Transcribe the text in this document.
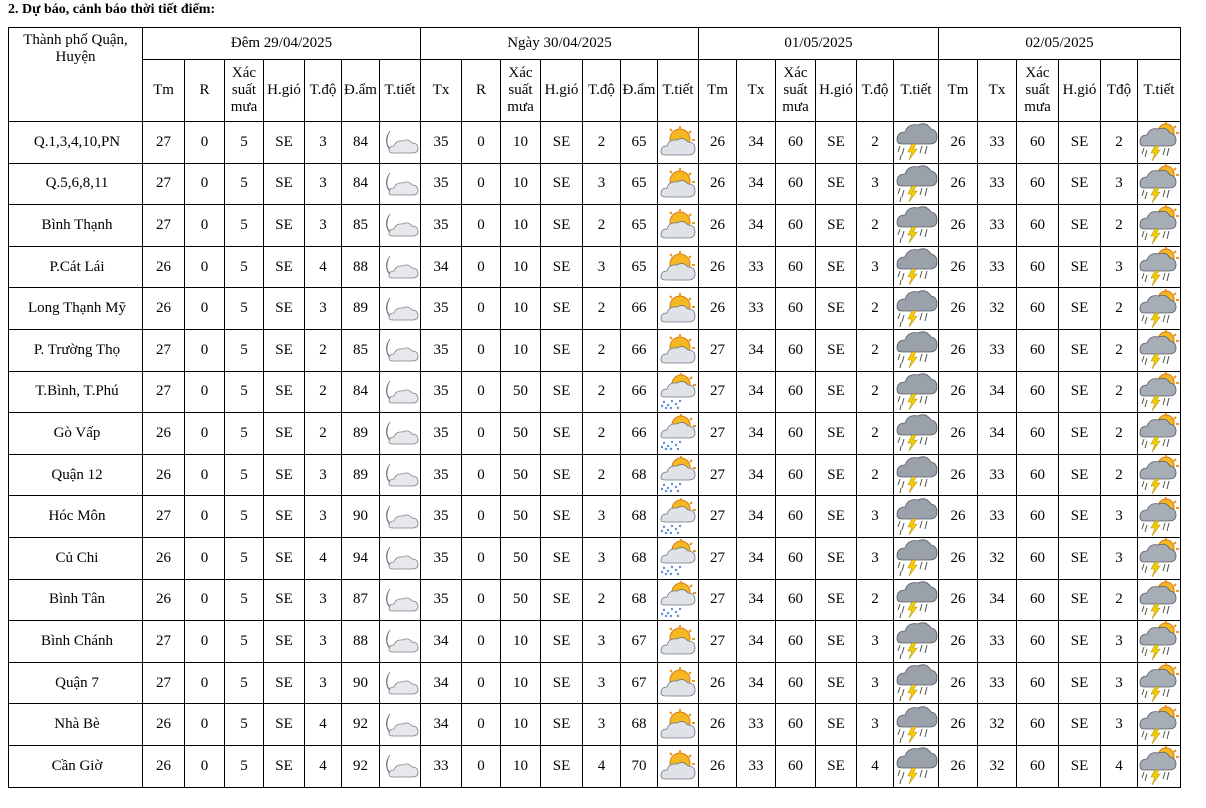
2. Dự báo, cảnh báo thời tiết điểm:
Thành phố Quận, Huyện	Đêm 29/04/2025							Ngày 30/04/2025							01/05/2025						02/05/2025					
	Tm	R	Xác suất mưa	H.gió	T.độ	Đ.ẩm	T.tiết	Tx	R	Xác suất mưa	H.gió	T.độ	Đ.ẩm	T.tiết	Tm	Tx	Xác suất mưa	H.gió	T.độ	T.tiết	Tm	Tx	Xác suất mưa	H.gió	Tđộ	T.tiết
Q.1,3,4,10,PN	27	0	5	SE	3	84		35	0	10	SE	2	65		26	34	60	SE	2		26	33	60	SE	2	

Q.5,6,8,11	27	0	5	SE	3	84		35	0	10	SE	3	65		26	34	60	SE	3		26	33	60	SE	3	

Bình Thạnh	27	0	5	SE	3	85		35	0	10	SE	2	65		26	34	60	SE	2		26	33	60	SE	2	

P.Cát Lái	26	0	5	SE	4	88		34	0	10	SE	3	65		26	33	60	SE	3		26	33	60	SE	3	

Long Thạnh Mỹ	26	0	5	SE	3	89		35	0	10	SE	2	66		26	33	60	SE	2		26	32	60	SE	2	

P. Trường Thọ	27	0	5	SE	2	85		35	0	10	SE	2	66		27	34	60	SE	2		26	33	60	SE	2	

T.Bình, T.Phú	27	0	5	SE	2	84		35	0	50	SE	2	66		27	34	60	SE	2		26	34	60	SE	2	

Gò Vấp	26	0	5	SE	2	89		35	0	50	SE	2	66		27	34	60	SE	2		26	34	60	SE	2	

Quận 12	26	0	5	SE	3	89		35	0	50	SE	2	68		27	34	60	SE	2		26	33	60	SE	2	

Hóc Môn	27	0	5	SE	3	90		35	0	50	SE	3	68		27	34	60	SE	3		26	33	60	SE	3	

Củ Chi	26	0	5	SE	4	94		35	0	50	SE	3	68		27	34	60	SE	3		26	32	60	SE	3	

Bình Tân	26	0	5	SE	3	87		35	0	50	SE	2	68		27	34	60	SE	2		26	34	60	SE	2	

Bình Chánh	27	0	5	SE	3	88		34	0	10	SE	3	67		27	34	60	SE	3		26	33	60	SE	3	

Quận 7	27	0	5	SE	3	90		34	0	10	SE	3	67		26	34	60	SE	3		26	33	60	SE	3	

Nhà Bè	26	0	5	SE	4	92		34	0	10	SE	3	68		26	33	60	SE	3		26	32	60	SE	3	

Cần Giờ	26	0	5	SE	4	92		33	0	10	SE	4	70		26	33	60	SE	4		26	32	60	SE	4	
